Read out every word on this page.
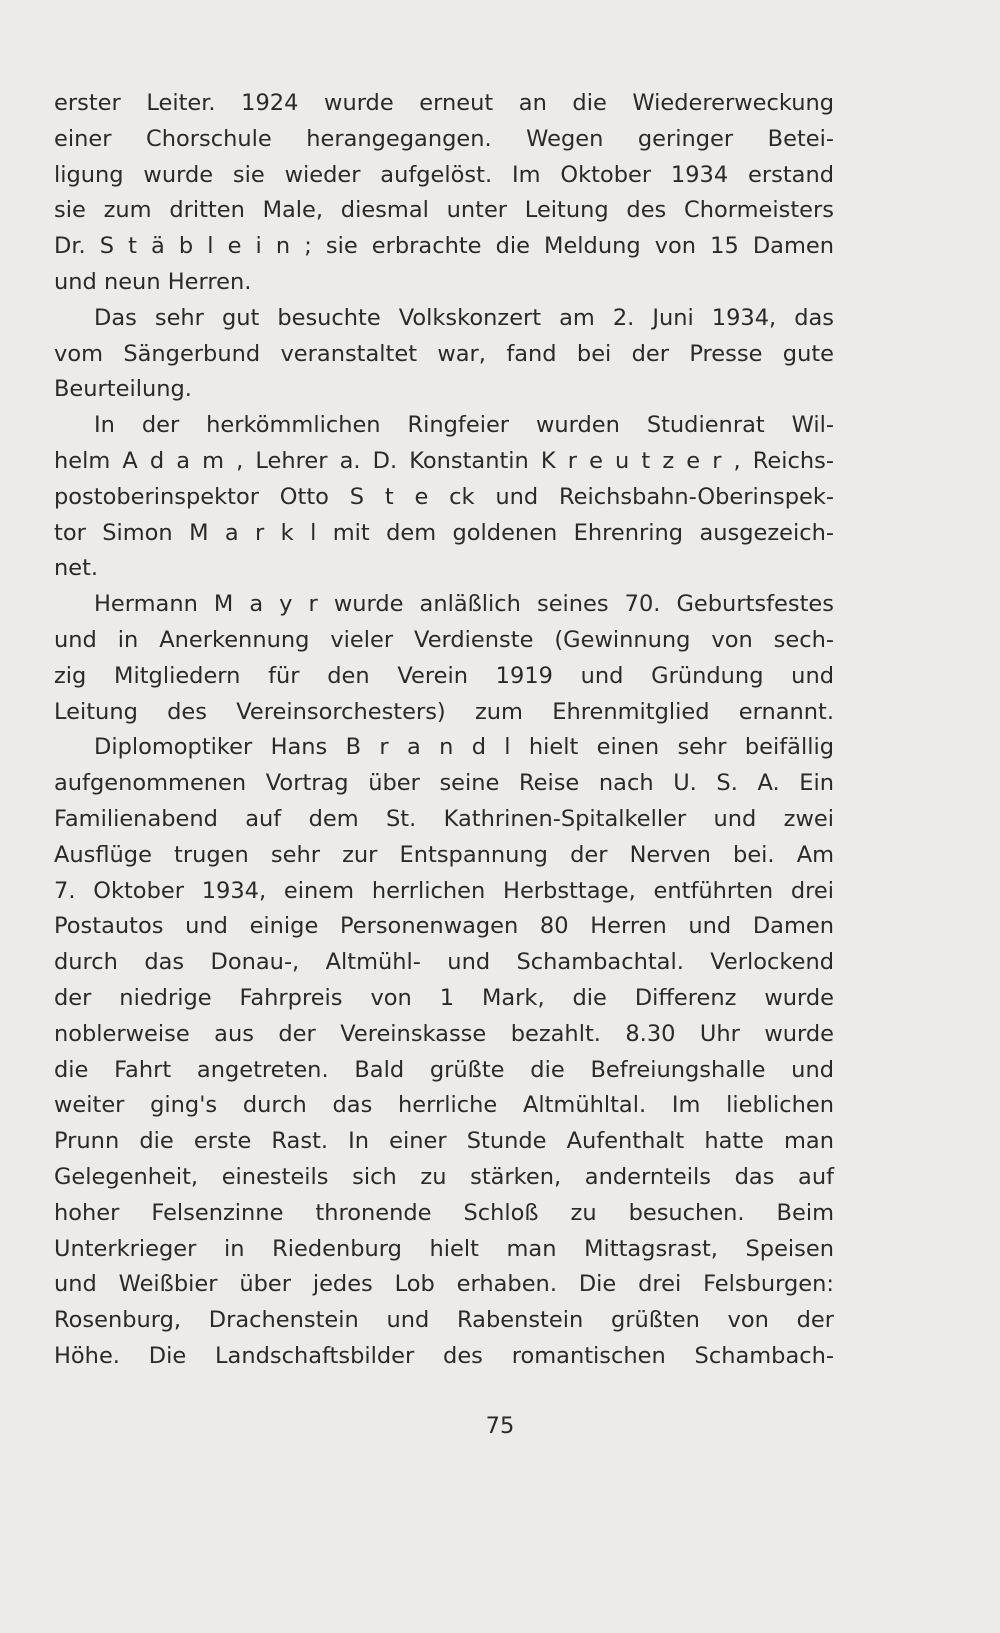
erster Leiter. 1924 wurde erneut an die Wiedererweckung
einer Chorschule herangegangen. Wegen geringer Betei-
ligung wurde sie wieder aufgelöst. Im Oktober 1934 erstand
sie zum dritten Male, diesmal unter Leitung des Chormeisters
Dr. S t ä b l e i n ; sie erbrachte die Meldung von 15 Damen
und neun Herren.
Das sehr gut besuchte Volkskonzert am 2. Juni 1934, das
vom Sängerbund veranstaltet war, fand bei der Presse gute
Beurteilung.
In der herkömmlichen Ringfeier wurden Studienrat Wil-
helm A d a m , Lehrer a. D. Konstantin K r e u t z e r , Reichs-
postoberinspektor Otto S t e ck und Reichsbahn-Oberinspek-
tor Simon M a r k l mit dem goldenen Ehrenring ausgezeich-
net.
Hermann M a y r wurde anläßlich seines 70. Geburtsfestes
und in Anerkennung vieler Verdienste (Gewinnung von sech-
zig Mitgliedern für den Verein 1919 und Gründung und
Leitung des Vereinsorchesters) zum Ehrenmitglied ernannt.
Diplomoptiker Hans B r a n d l hielt einen sehr beifällig
aufgenommenen Vortrag über seine Reise nach U. S. A. Ein
Familienabend auf dem St. Kathrinen-Spitalkeller und zwei
Ausflüge trugen sehr zur Entspannung der Nerven bei. Am
7. Oktober 1934, einem herrlichen Herbsttage, entführten drei
Postautos und einige Personenwagen 80 Herren und Damen
durch das Donau-, Altmühl- und Schambachtal. Verlockend
der niedrige Fahrpreis von 1 Mark, die Differenz wurde
noblerweise aus der Vereinskasse bezahlt. 8.30 Uhr wurde
die Fahrt angetreten. Bald grüßte die Befreiungshalle und
weiter ging's durch das herrliche Altmühltal. Im lieblichen
Prunn die erste Rast. In einer Stunde Aufenthalt hatte man
Gelegenheit, einesteils sich zu stärken, andernteils das auf
hoher Felsenzinne thronende Schloß zu besuchen. Beim
Unterkrieger in Riedenburg hielt man Mittagsrast, Speisen
und Weißbier über jedes Lob erhaben. Die drei Felsburgen:
Rosenburg, Drachenstein und Rabenstein grüßten von der
Höhe. Die Landschaftsbilder des romantischen Schambach-
75
